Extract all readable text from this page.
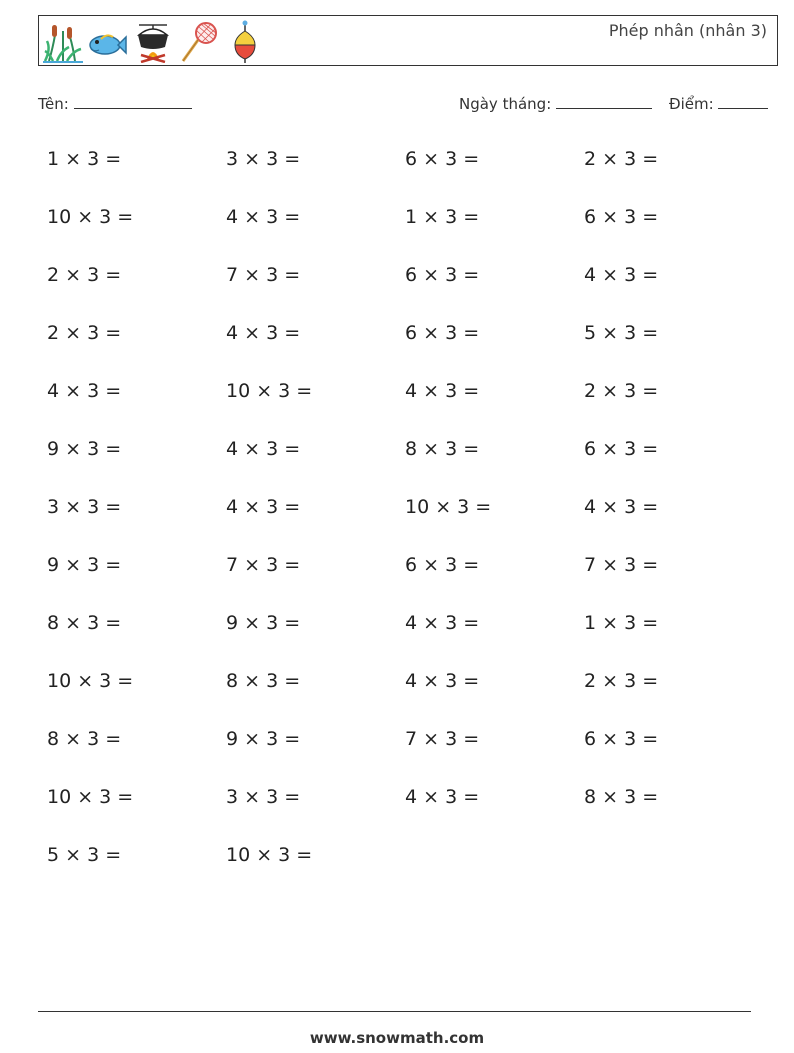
Phép nhân (nhân 3)
Tên:	Ngày tháng:	Điểm:
1 × 3 =	3 × 3 =	6 × 3 =	2 × 3 =
10 × 3 =	4 × 3 =	1 × 3 =	6 × 3 =
2 × 3 =	7 × 3 =	6 × 3 =	4 × 3 =
2 × 3 =	4 × 3 =	6 × 3 =	5 × 3 =
4 × 3 =	10 × 3 =	4 × 3 =	2 × 3 =
9 × 3 =	4 × 3 =	8 × 3 =	6 × 3 =
3 × 3 =	4 × 3 =	10 × 3 =	4 × 3 =
9 × 3 =	7 × 3 =	6 × 3 =	7 × 3 =
8 × 3 =	9 × 3 =	4 × 3 =	1 × 3 =
10 × 3 =	8 × 3 =	4 × 3 =	2 × 3 =
8 × 3 =	9 × 3 =	7 × 3 =	6 × 3 =
10 × 3 =	3 × 3 =	4 × 3 =	8 × 3 =
5 × 3 =	10 × 3 =
www.snowmath.com
